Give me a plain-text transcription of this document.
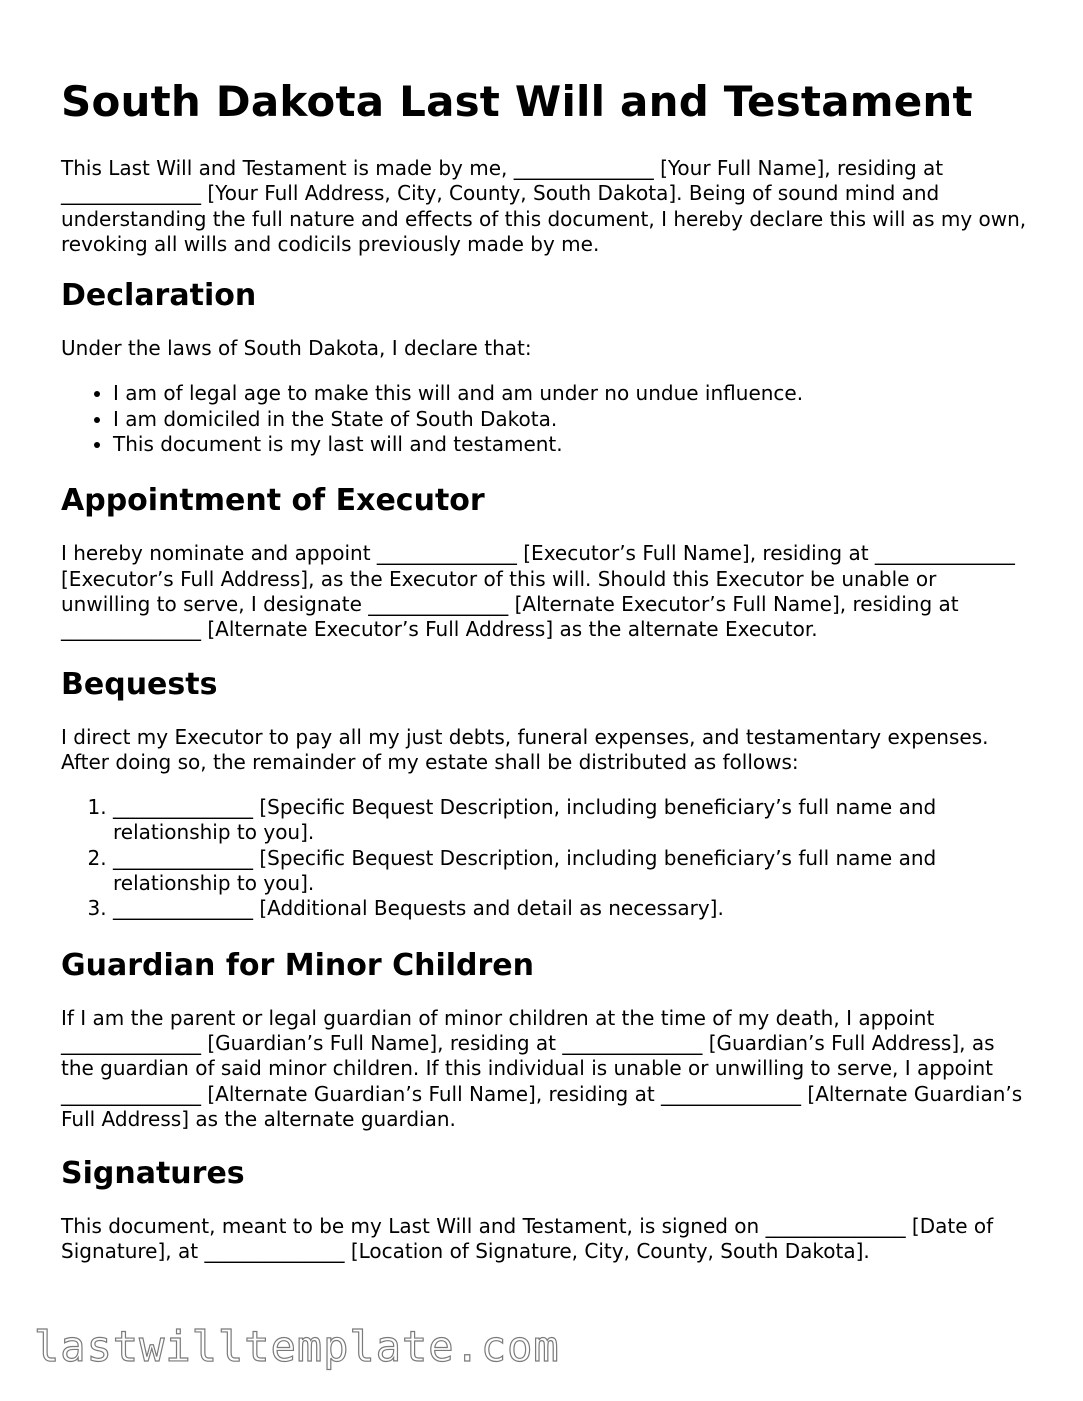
South Dakota Last Will and Testament

This Last Will and Testament is made by me, ______________ [Your Full Name], residing at ______________ [Your Full Address, City, County, South Dakota]. Being of sound mind and understanding the full nature and effects of this document, I hereby declare this will as my own, revoking all wills and codicils previously made by me.

Declaration

Under the laws of South Dakota, I declare that:

• I am of legal age to make this will and am under no undue influence.
• I am domiciled in the State of South Dakota.
• This document is my last will and testament.
Appointment of Executor

I hereby nominate and appoint ______________ [Executor’s Full Name], residing at ______________ [Executor’s Full Address], as the Executor of this will. Should this Executor be unable or unwilling to serve, I designate ______________ [Alternate Executor’s Full Name], residing at ______________ [Alternate Executor’s Full Address] as the alternate Executor.

Bequests

I direct my Executor to pay all my just debts, funeral expenses, and testamentary expenses. After doing so, the remainder of my estate shall be distributed as follows:

1. ______________ [Specific Bequest Description, including beneficiary’s full name and relationship to you].
2. ______________ [Specific Bequest Description, including beneficiary’s full name and relationship to you].
3. ______________ [Additional Bequests and detail as necessary].
Guardian for Minor Children

If I am the parent or legal guardian of minor children at the time of my death, I appoint ______________ [Guardian’s Full Name], residing at ______________ [Guardian’s Full Address], as the guardian of said minor children. If this individual is unable or unwilling to serve, I appoint ______________ [Alternate Guardian’s Full Name], residing at ______________ [Alternate Guardian’s Full Address] as the alternate guardian.

Signatures

This document, meant to be my Last Will and Testament, is signed on ______________ [Date of Signature], at ______________ [Location of Signature, City, County, South Dakota].

lastwilltemplate.com
